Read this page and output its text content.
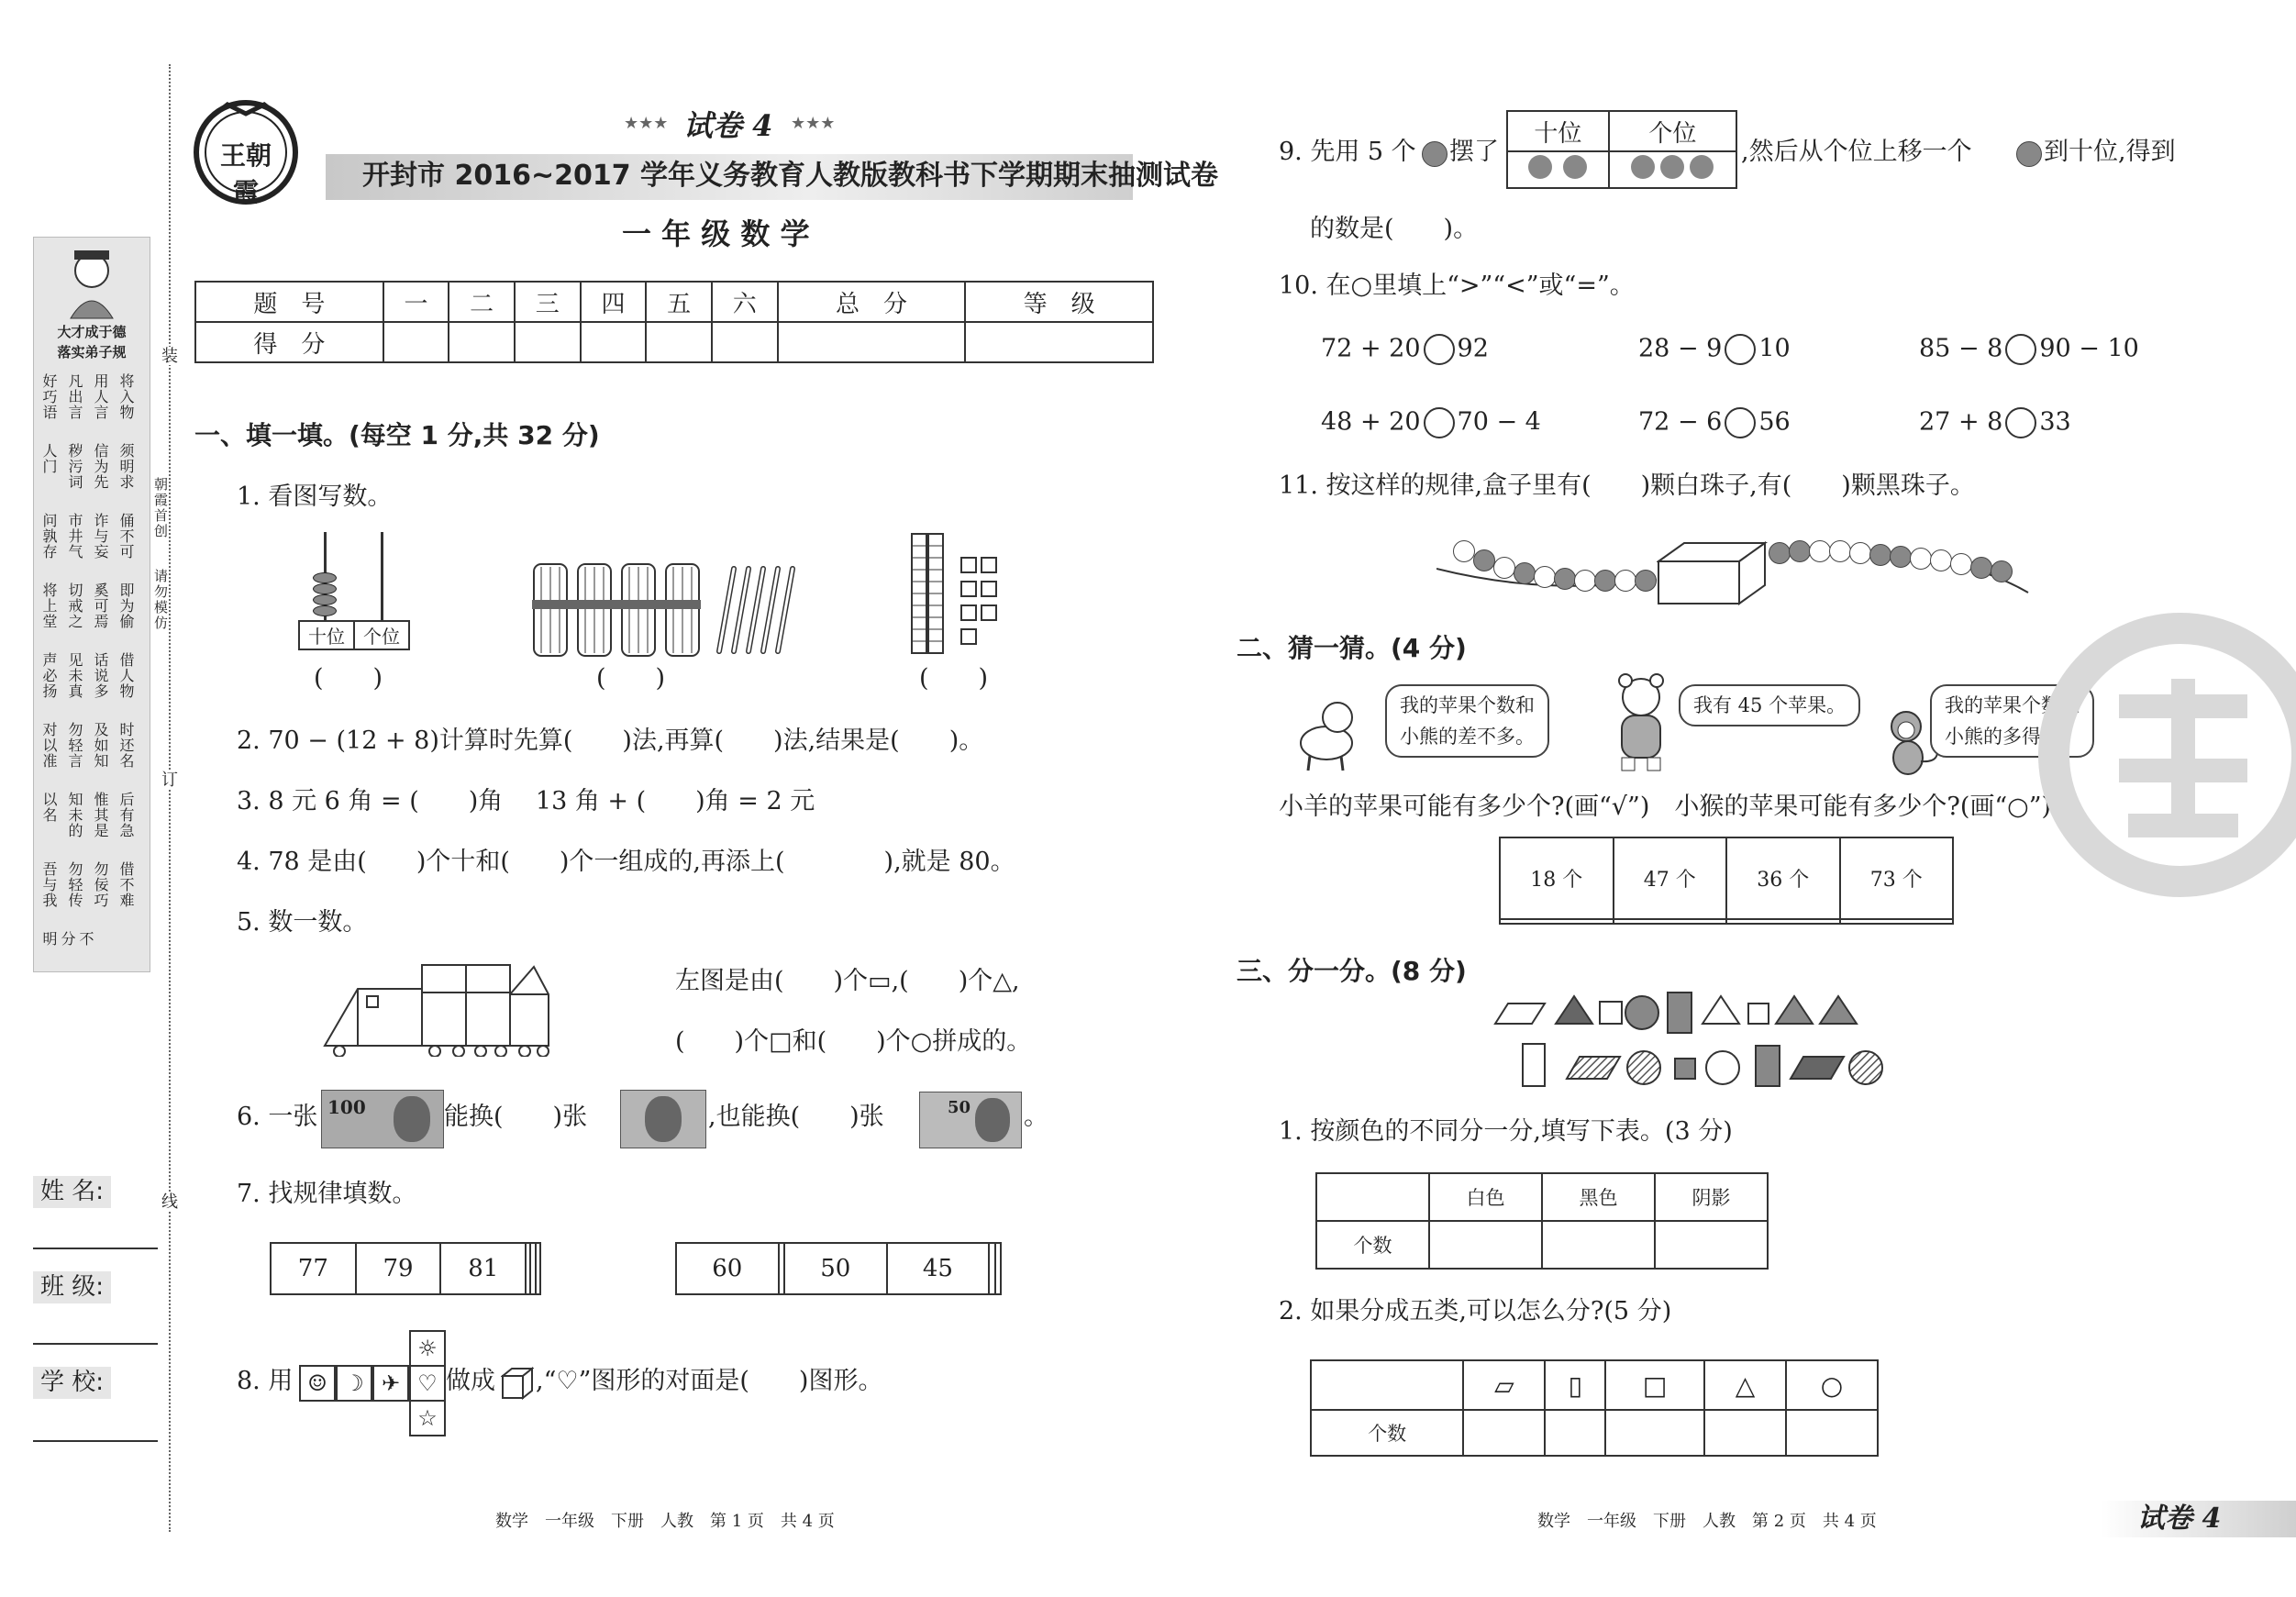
大才成于德
落实弟子规
好巧语 凡出言 用人言 将入物
人门 秽污词 信为先 须明求
问孰存 市井气 诈与妄 俑不可
将上堂 切戒之 奚可焉 即为偷
声必扬 见未真 话说多 借人物
对以准 勿轻言 及如知 时还名
以名 知未的 惟其是 后有急
吾与我 勿轻传 勿佞巧 借不难
不分明
装
朝霞首创
请勿模仿
订
线
姓 名:
班 级:
学 校:
王朝霞
试卷 4
★★★	★★★
开封市 2016~2017 学年义务教育人教版教科书下学期期末抽测试卷
一 年 级 数 学
题　号	一	二	三	四	五	六	总　分	等　级
得　分								
一、填一填。(每空 1 分,共 32 分)
1. 看图写数。
十位	个位
(　　)	(　　)	(　　)
2. 70 − (12 + 8)计算时先算(　　)法,再算(　　)法,结果是(　　)。
3. 8 元 6 角 = (　　)角　 13 角 + (　　)角 = 2 元
4. 78 是由(　　)个十和(　　)个一组成的,再添上(　　　　),就是 80。
5. 数一数。
左图是由(　　)个▭,(　　)个△,
(　　)个□和(　　)个○拼成的。
6. 一张 100	能换(　　)张	,也能换(　　)张	50 。
7. 找规律填数。
77	79	81				60		50	45		
8. 用
☼
☺ ☽ ✈ ♡
☆
做成 ,“♡”图形的对面是(　　)图形。
数学　一年级　下册　人教　第 1 页　共 4 页
9. 先用 5 个 摆了
十位	个位

,然后从个位上移一个	到十位,得到
的数是(　　)。
10. 在○里填上“>”“<”或“=”。
72 + 20 92	28 − 9 10	85 − 8 90 − 10
48 + 20 70 − 4	72 − 6 56	27 + 8 33
11. 按这样的规律,盒子里有(　　)颗白珠子,有(　　)颗黑珠子。
二、猜一猜。(4 分)
我的苹果个数和
小熊的差不多。
我有 45 个苹果。	我的苹果个数比
小熊的多得多。
小羊的苹果可能有多少个?(画“√”)　小猴的苹果可能有多少个?(画“○”)
18 个	47 个	36 个	73 个

三、分一分。(8 分)
1. 按颜色的不同分一分,填写下表。(3 分)
	白色	黑色	阴影
个数			
2. 如果分成五类,可以怎么分?(5 分)
	▱	▯	□	△	○
个数					
数学　一年级　下册　人教　第 2 页　共 4 页	试卷 4
